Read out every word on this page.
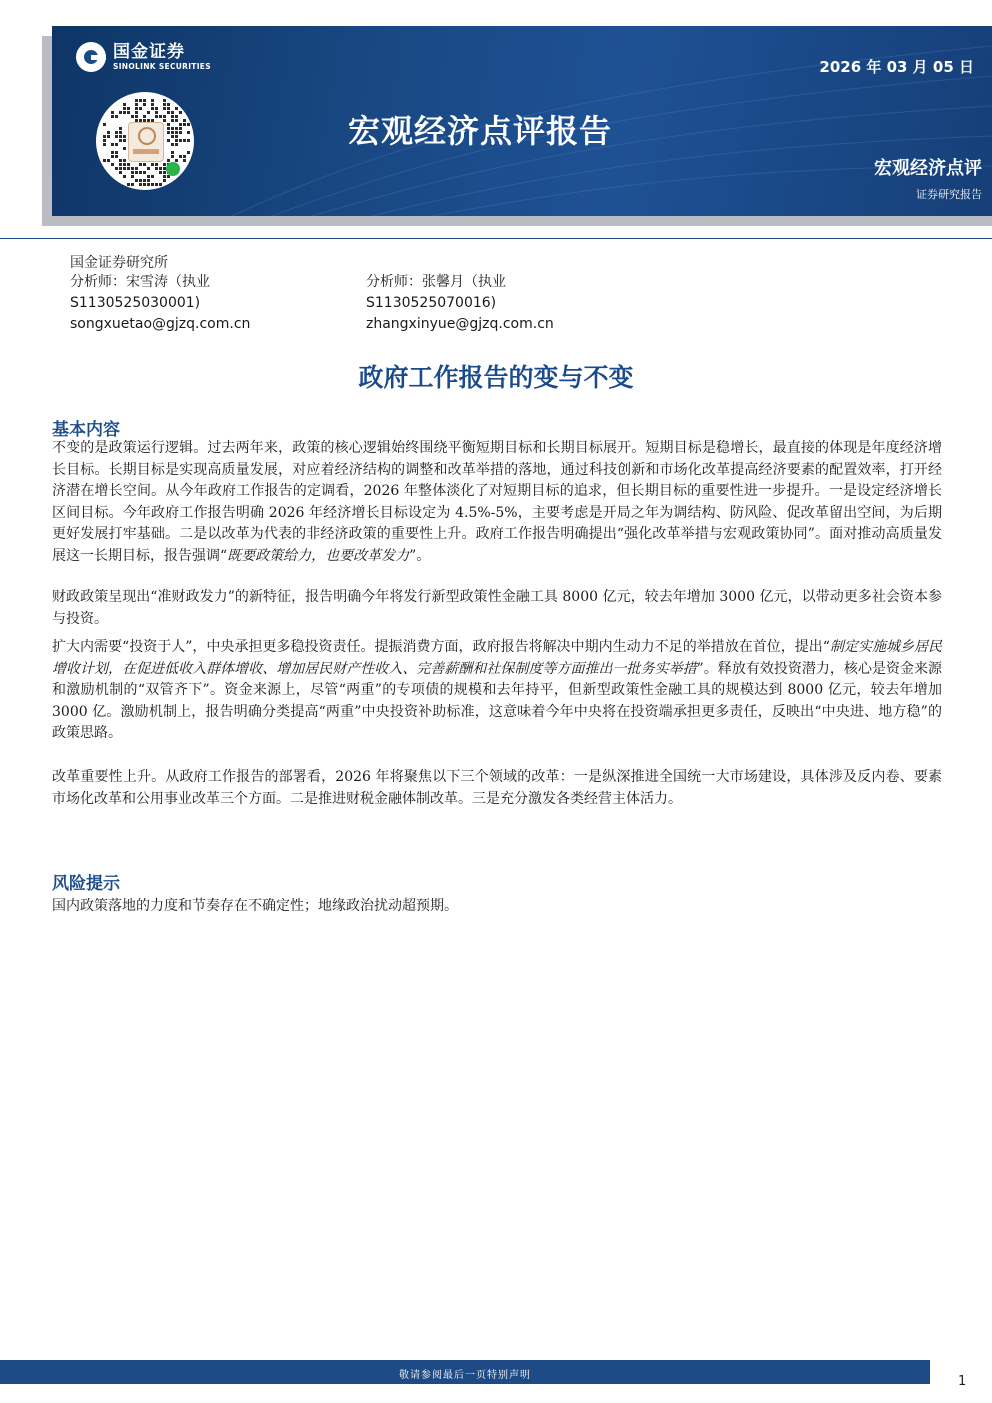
国金证券
SINOLINK SECURITIES	2026 年 03 月 05 日
宏观经济点评报告
宏观经济点评
证券研究报告
国金证券研究所
分析师：宋雪涛（执业
S1130525030001)
songxuetao@gjzq.com.cn
分析师：张馨月（执业
S1130525070016)
zhangxinyue@gjzq.com.cn
政府工作报告的变与不变
基本内容
不变的是政策运行逻辑。过去两年来，政策的核心逻辑始终围绕平衡短期目标和长期目标展开。短期目标是稳增长，最直接的体现是年度经济增长目标。长期目标是实现高质量发展，对应着经济结构的调整和改革举措的落地，通过科技创新和市场化改革提高经济要素的配置效率，打开经济潜在增长空间。从今年政府工作报告的定调看，2026 年整体淡化了对短期目标的追求，但长期目标的重要性进一步提升。一是设定经济增长区间目标。今年政府工作报告明确 2026 年经济增长目标设定为 4.5%-5%，主要考虑是开局之年为调结构、防风险、促改革留出空间，为后期更好发展打牢基础。二是以改革为代表的非经济政策的重要性上升。政府工作报告明确提出“强化改革举措与宏观政策协同”。面对推动高质量发展这一长期目标，报告强调“既要政策给力，也要改革发力”。
财政政策呈现出“准财政发力”的新特征，报告明确今年将发行新型政策性金融工具 8000 亿元，较去年增加 3000 亿元，以带动更多社会资本参与投资。
扩大内需要“投资于人”，中央承担更多稳投资责任。提振消费方面，政府报告将解决中期内生动力不足的举措放在首位，提出“制定实施城乡居民增收计划，在促进低收入群体增收、增加居民财产性收入、完善薪酬和社保制度等方面推出一批务实举措”。释放有效投资潜力，核心是资金来源和激励机制的“双管齐下”。资金来源上，尽管“两重”的专项债的规模和去年持平，但新型政策性金融工具的规模达到 8000 亿元，较去年增加 3000 亿。激励机制上，报告明确分类提高“两重”中央投资补助标准，这意味着今年中央将在投资端承担更多责任，反映出“中央进、地方稳”的政策思路。
改革重要性上升。从政府工作报告的部署看，2026 年将聚焦以下三个领域的改革：一是纵深推进全国统一大市场建设，具体涉及反内卷、要素市场化改革和公用事业改革三个方面。二是推进财税金融体制改革。三是充分激发各类经营主体活力。
风险提示
国内政策落地的力度和节奏存在不确定性；地缘政治扰动超预期。
敬请参阅最后一页特别声明	1
